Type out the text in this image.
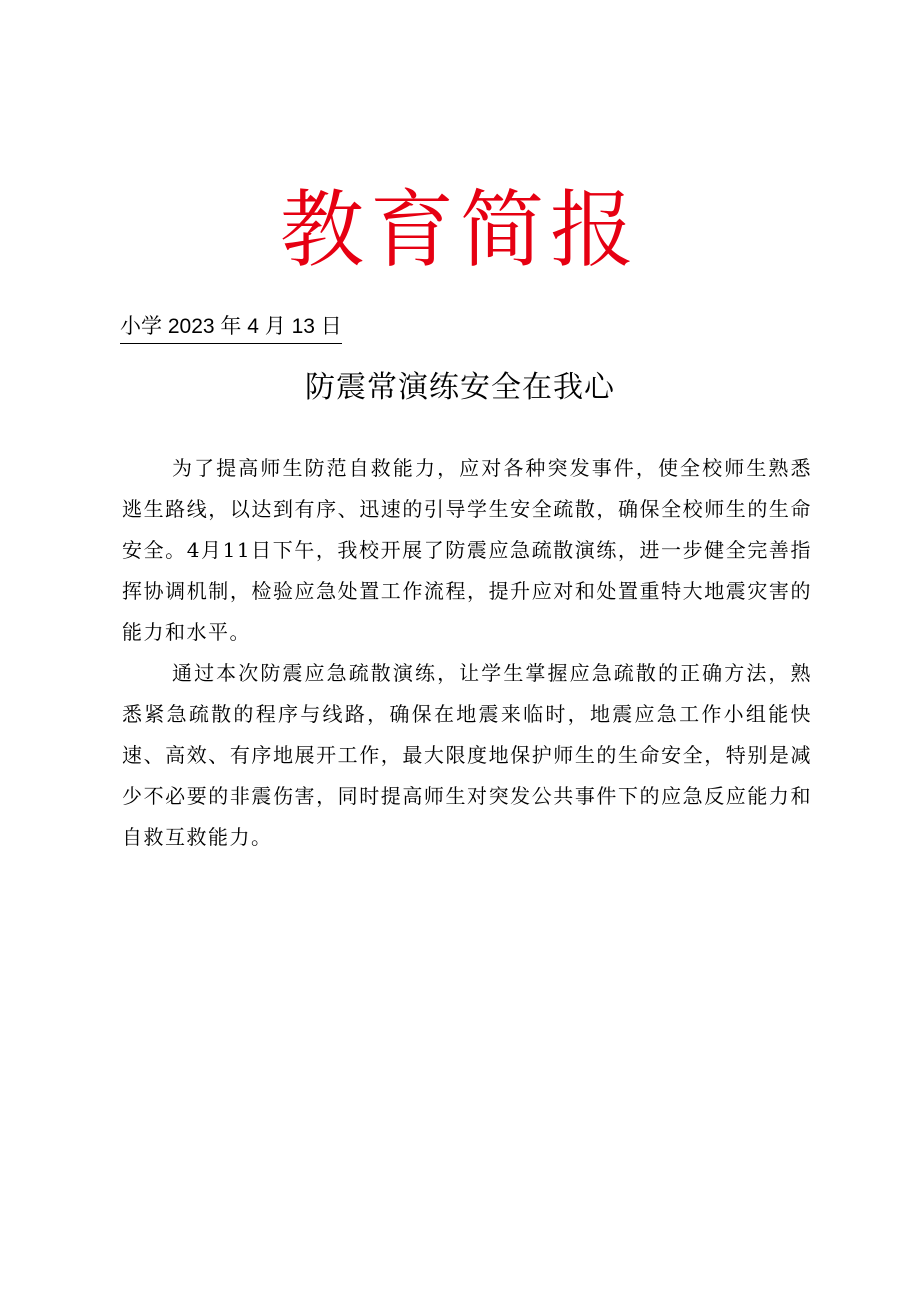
教育简报
小学 2023 年 4 月 13 日
防震常演练安全在我心

为了提高师生防范自救能力，应对各种突发事件，使全校师生熟悉逃生路线，以达到有序、迅速的引导学生安全疏散，确保全校师生的生命安全。4月11日下午，我校开展了防震应急疏散演练，进一步健全完善指挥协调机制，检验应急处置工作流程，提升应对和处置重特大地震灾害的能力和水平。

通过本次防震应急疏散演练，让学生掌握应急疏散的正确方法，熟悉紧急疏散的程序与线路，确保在地震来临时，地震应急工作小组能快速、高效、有序地展开工作，最大限度地保护师生的生命安全，特别是减少不必要的非震伤害，同时提高师生对突发公共事件下的应急反应能力和自救互救能力。
